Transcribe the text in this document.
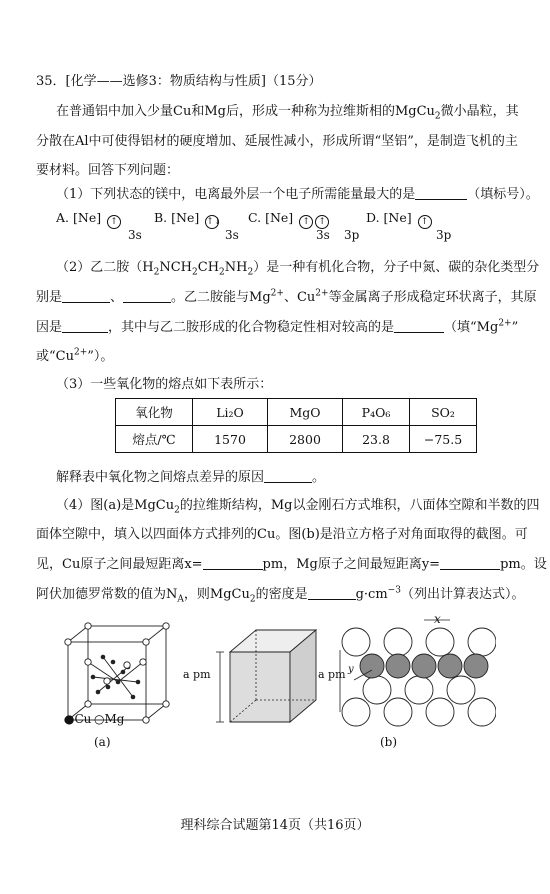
35．[化学——选修3：物质结构与性质]（15分）
在普通铝中加入少量Cu和Mg后，形成一种称为拉维斯相的MgCu$_2$微小晶粒，其
分散在Al中可使得铝材的硬度增加、延展性减小，形成所谓“坚铝”，是制造飞机的主
要材料。回答下列问题：
（1）下列状态的镁中，电离最外层一个电子所需能量最大的是	（填标号）。
A. [Ne] ↑
3s
B. [Ne] ↑↓
3s
C. [Ne] ↑ ↑
3s 3p
D. [Ne] ↑
3p
（2）乙二胺$(H_2NCH_2CH_2NH_2)$是一种有机化合物，分子中氮、碳的杂化类型分
别是	、	。乙二胺能与$Mg^{2+}$、$Cu^{2+}$等金属离子形成稳定环状离子，其原
因是	，其中与乙二胺形成的化合物稳定性相对较高的是	（填“$Mg^{2+}$”
或“$Cu^{2+}$”）。
（3）一些氧化物的熔点如下表所示：
氧化物	Li₂O	MgO	P₄O₆	SO₂
熔点/℃	1570	2800	23.8	−75.5
解释表中氧化物之间熔点差异的原因	。
（4）图(a)是MgCu$_2$的拉维斯结构，Mg以金刚石方式堆积，八面体空隙和半数的四
面体空隙中，填入以四面体方式排列的Cu。图(b)是沿立方格子对角面取得的截图。可
见，Cu原子之间最短距离x=	pm，Mg原子之间最短距离y=	pm。设
阿伏加德罗常数的值为$N_A$，则MgCu$_2$的密度是	$g\cdot cm^{-3}$（列出计算表达式）。
●Cu ○Mg
(a)
a pm
x
a pm y
(b)
理科综合试题第14页（共16页）
